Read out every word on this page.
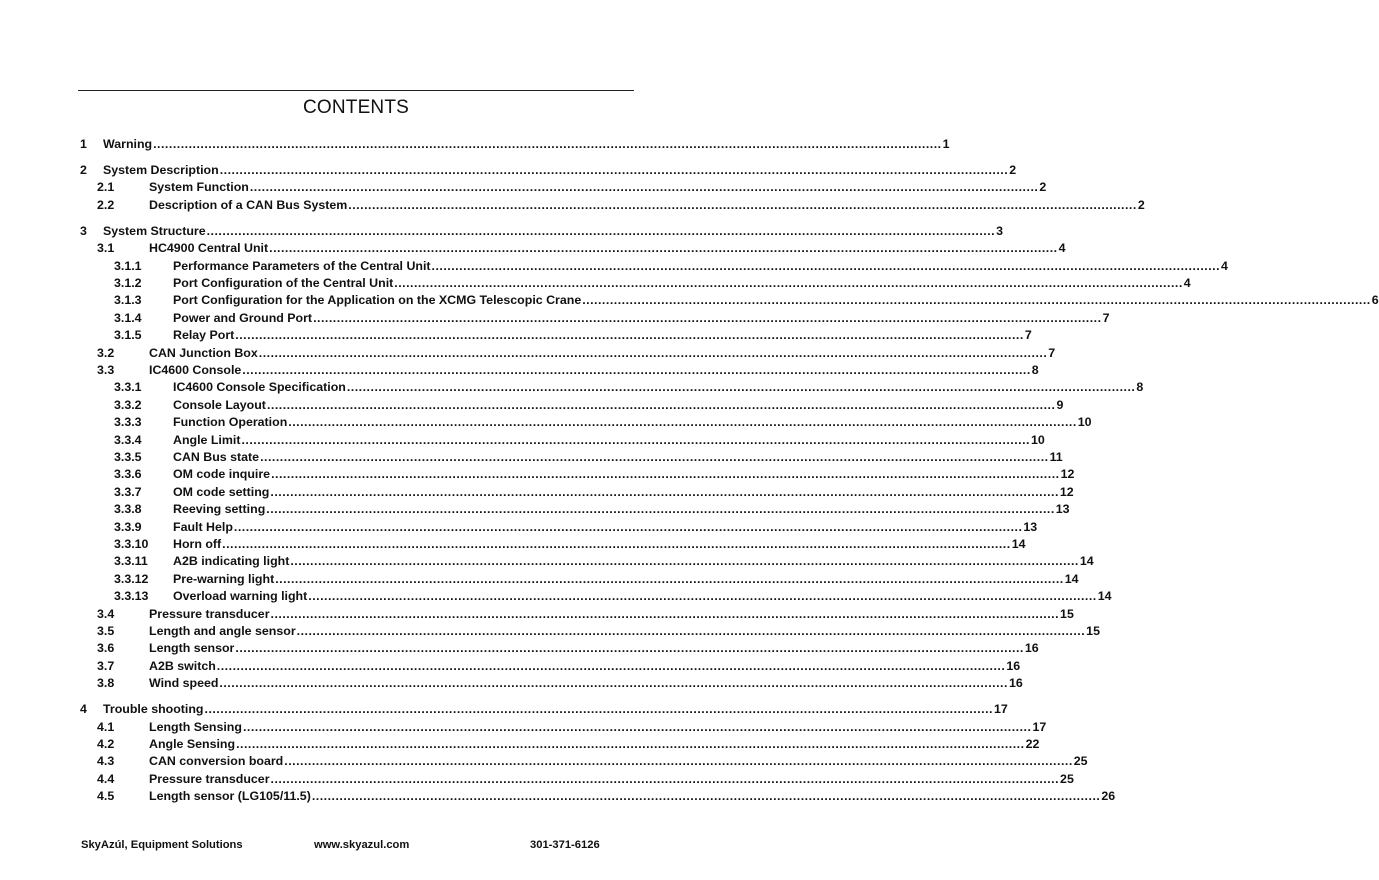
CONTENTS
1 Warning ........................................................................................................................................................................................................ 1
2 System Description ........................................................................................................................................................................................................ 2
2.1	System Function ........................................................................................................................................................................................................ 2
2.2	Description of a CAN Bus System ........................................................................................................................................................................................................ 2
3 System Structure ........................................................................................................................................................................................................ 3
3.1	HC4900 Central Unit ........................................................................................................................................................................................................ 4
3.1.1	Performance Parameters of the Central Unit ........................................................................................................................................................................................................ 4
3.1.2	Port Configuration of the Central Unit ........................................................................................................................................................................................................ 4
3.1.3	Port Configuration for the Application on the XCMG Telescopic Crane ........................................................................................................................................................................................................ 6
3.1.4	Power and Ground Port ........................................................................................................................................................................................................ 7
3.1.5	Relay Port ........................................................................................................................................................................................................ 7
3.2	CAN Junction Box ........................................................................................................................................................................................................ 7
3.3	IC4600 Console ........................................................................................................................................................................................................ 8
3.3.1	IC4600 Console Specification ........................................................................................................................................................................................................ 8
3.3.2	Console Layout ........................................................................................................................................................................................................ 9
3.3.3	Function Operation ........................................................................................................................................................................................................ 10
3.3.4	Angle Limit ........................................................................................................................................................................................................ 10
3.3.5	CAN Bus state ........................................................................................................................................................................................................ 11
3.3.6	OM code inquire ........................................................................................................................................................................................................ 12
3.3.7	OM code setting ........................................................................................................................................................................................................ 12
3.3.8	Reeving setting ........................................................................................................................................................................................................ 13
3.3.9	Fault Help ........................................................................................................................................................................................................ 13
3.3.10 Horn off ........................................................................................................................................................................................................ 14
3.3.11 A2B indicating light ........................................................................................................................................................................................................ 14
3.3.12 Pre-warning light ........................................................................................................................................................................................................ 14
3.3.13 Overload warning light ........................................................................................................................................................................................................ 14
3.4	Pressure transducer ........................................................................................................................................................................................................ 15
3.5	Length and angle sensor ........................................................................................................................................................................................................ 15
3.6	Length sensor ........................................................................................................................................................................................................ 16
3.7	A2B switch ........................................................................................................................................................................................................ 16
3.8	Wind speed ........................................................................................................................................................................................................ 16
4 Trouble shooting ........................................................................................................................................................................................................ 17
4.1	Length Sensing ........................................................................................................................................................................................................ 17
4.2	Angle Sensing ........................................................................................................................................................................................................ 22
4.3	CAN conversion board ........................................................................................................................................................................................................ 25
4.4	Pressure transducer ........................................................................................................................................................................................................ 25
4.5	Length sensor (LG105/11.5) ........................................................................................................................................................................................................ 26
SkyAzúl, Equipment Solutions	www.skyazul.com	301-371-6126
